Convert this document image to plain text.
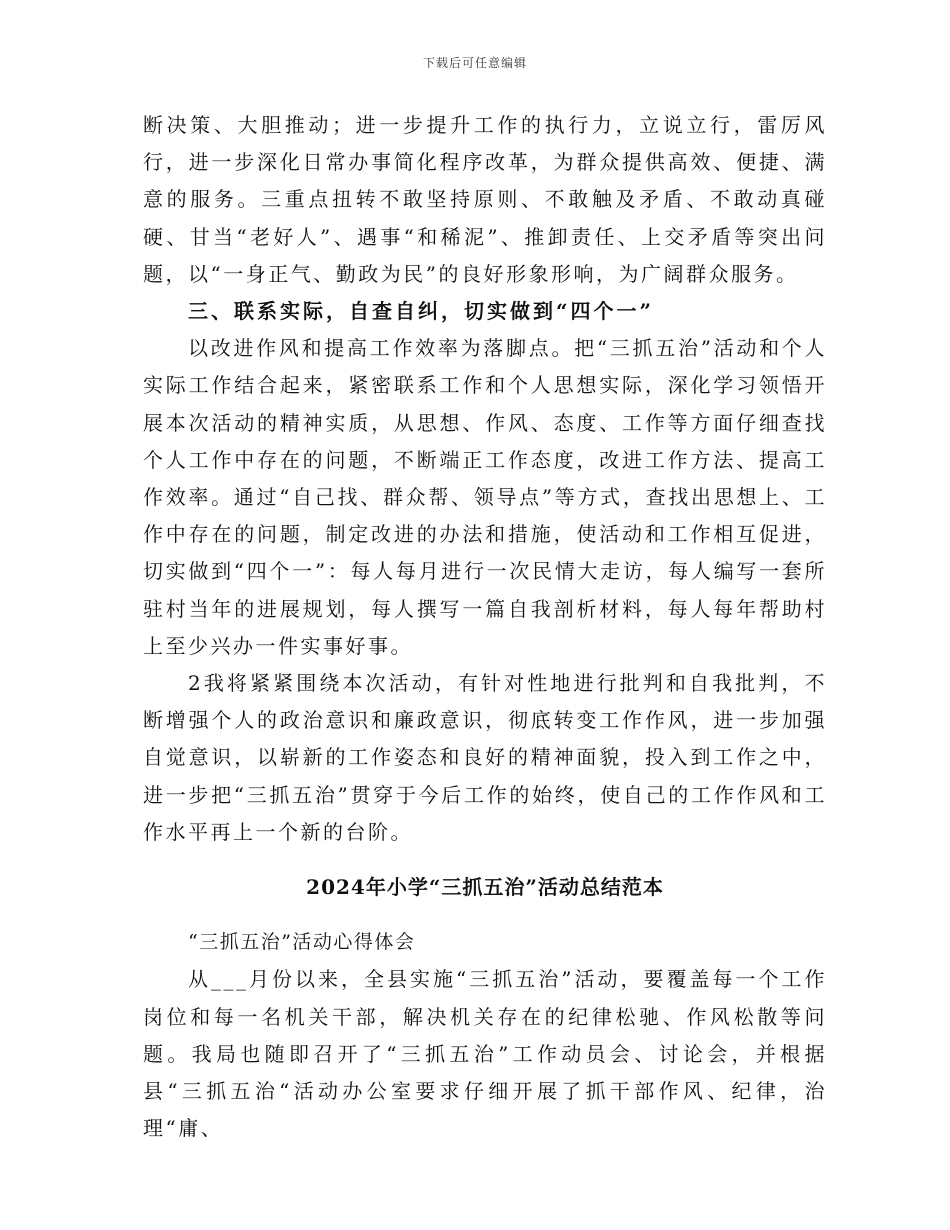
下载后可任意编辑

断决策、大胆推动；进一步提升工作的执行力，立说立行，雷厉风行，进一步深化日常办事简化程序改革，为群众提供高效、便捷、满意的服务。三重点扭转不敢坚持原则、不敢触及矛盾、不敢动真碰硬、甘当“老好人”、遇事“和稀泥”、推卸责任、上交矛盾等突出问题，以“一身正气、勤政为民”的良好形象形响，为广阔群众服务。

三、联系实际，自查自纠，切实做到“四个一”

以改进作风和提高工作效率为落脚点。把“三抓五治”活动和个人实际工作结合起来，紧密联系工作和个人思想实际，深化学习领悟开展本次活动的精神实质，从思想、作风、态度、工作等方面仔细查找个人工作中存在的问题，不断端正工作态度，改进工作方法、提高工作效率。通过“自己找、群众帮、领导点”等方式，查找出思想上、工作中存在的问题，制定改进的办法和措施，使活动和工作相互促进，切实做到“四个一”：每人每月进行一次民情大走访，每人编写一套所驻村当年的进展规划，每人撰写一篇自我剖析材料，每人每年帮助村上至少兴办一件实事好事。

2我将紧紧围绕本次活动，有针对性地进行批判和自我批判，不断增强个人的政治意识和廉政意识，彻底转变工作作风，进一步加强自觉意识，以崭新的工作姿态和良好的精神面貌，投入到工作之中，进一步把“三抓五治”贯穿于今后工作的始终，使自己的工作作风和工作水平再上一个新的台阶。

2024年小学“三抓五治”活动总结范本

“三抓五治”活动心得体会

从___月份以来，全县实施“三抓五治”活动，要覆盖每一个工作岗位和每一名机关干部，解决机关存在的纪律松驰、作风松散等问题。我局也随即召开了“三抓五治”工作动员会、讨论会，并根据县“三抓五治“活动办公室要求仔细开展了抓干部作风、纪律，治理“庸、
